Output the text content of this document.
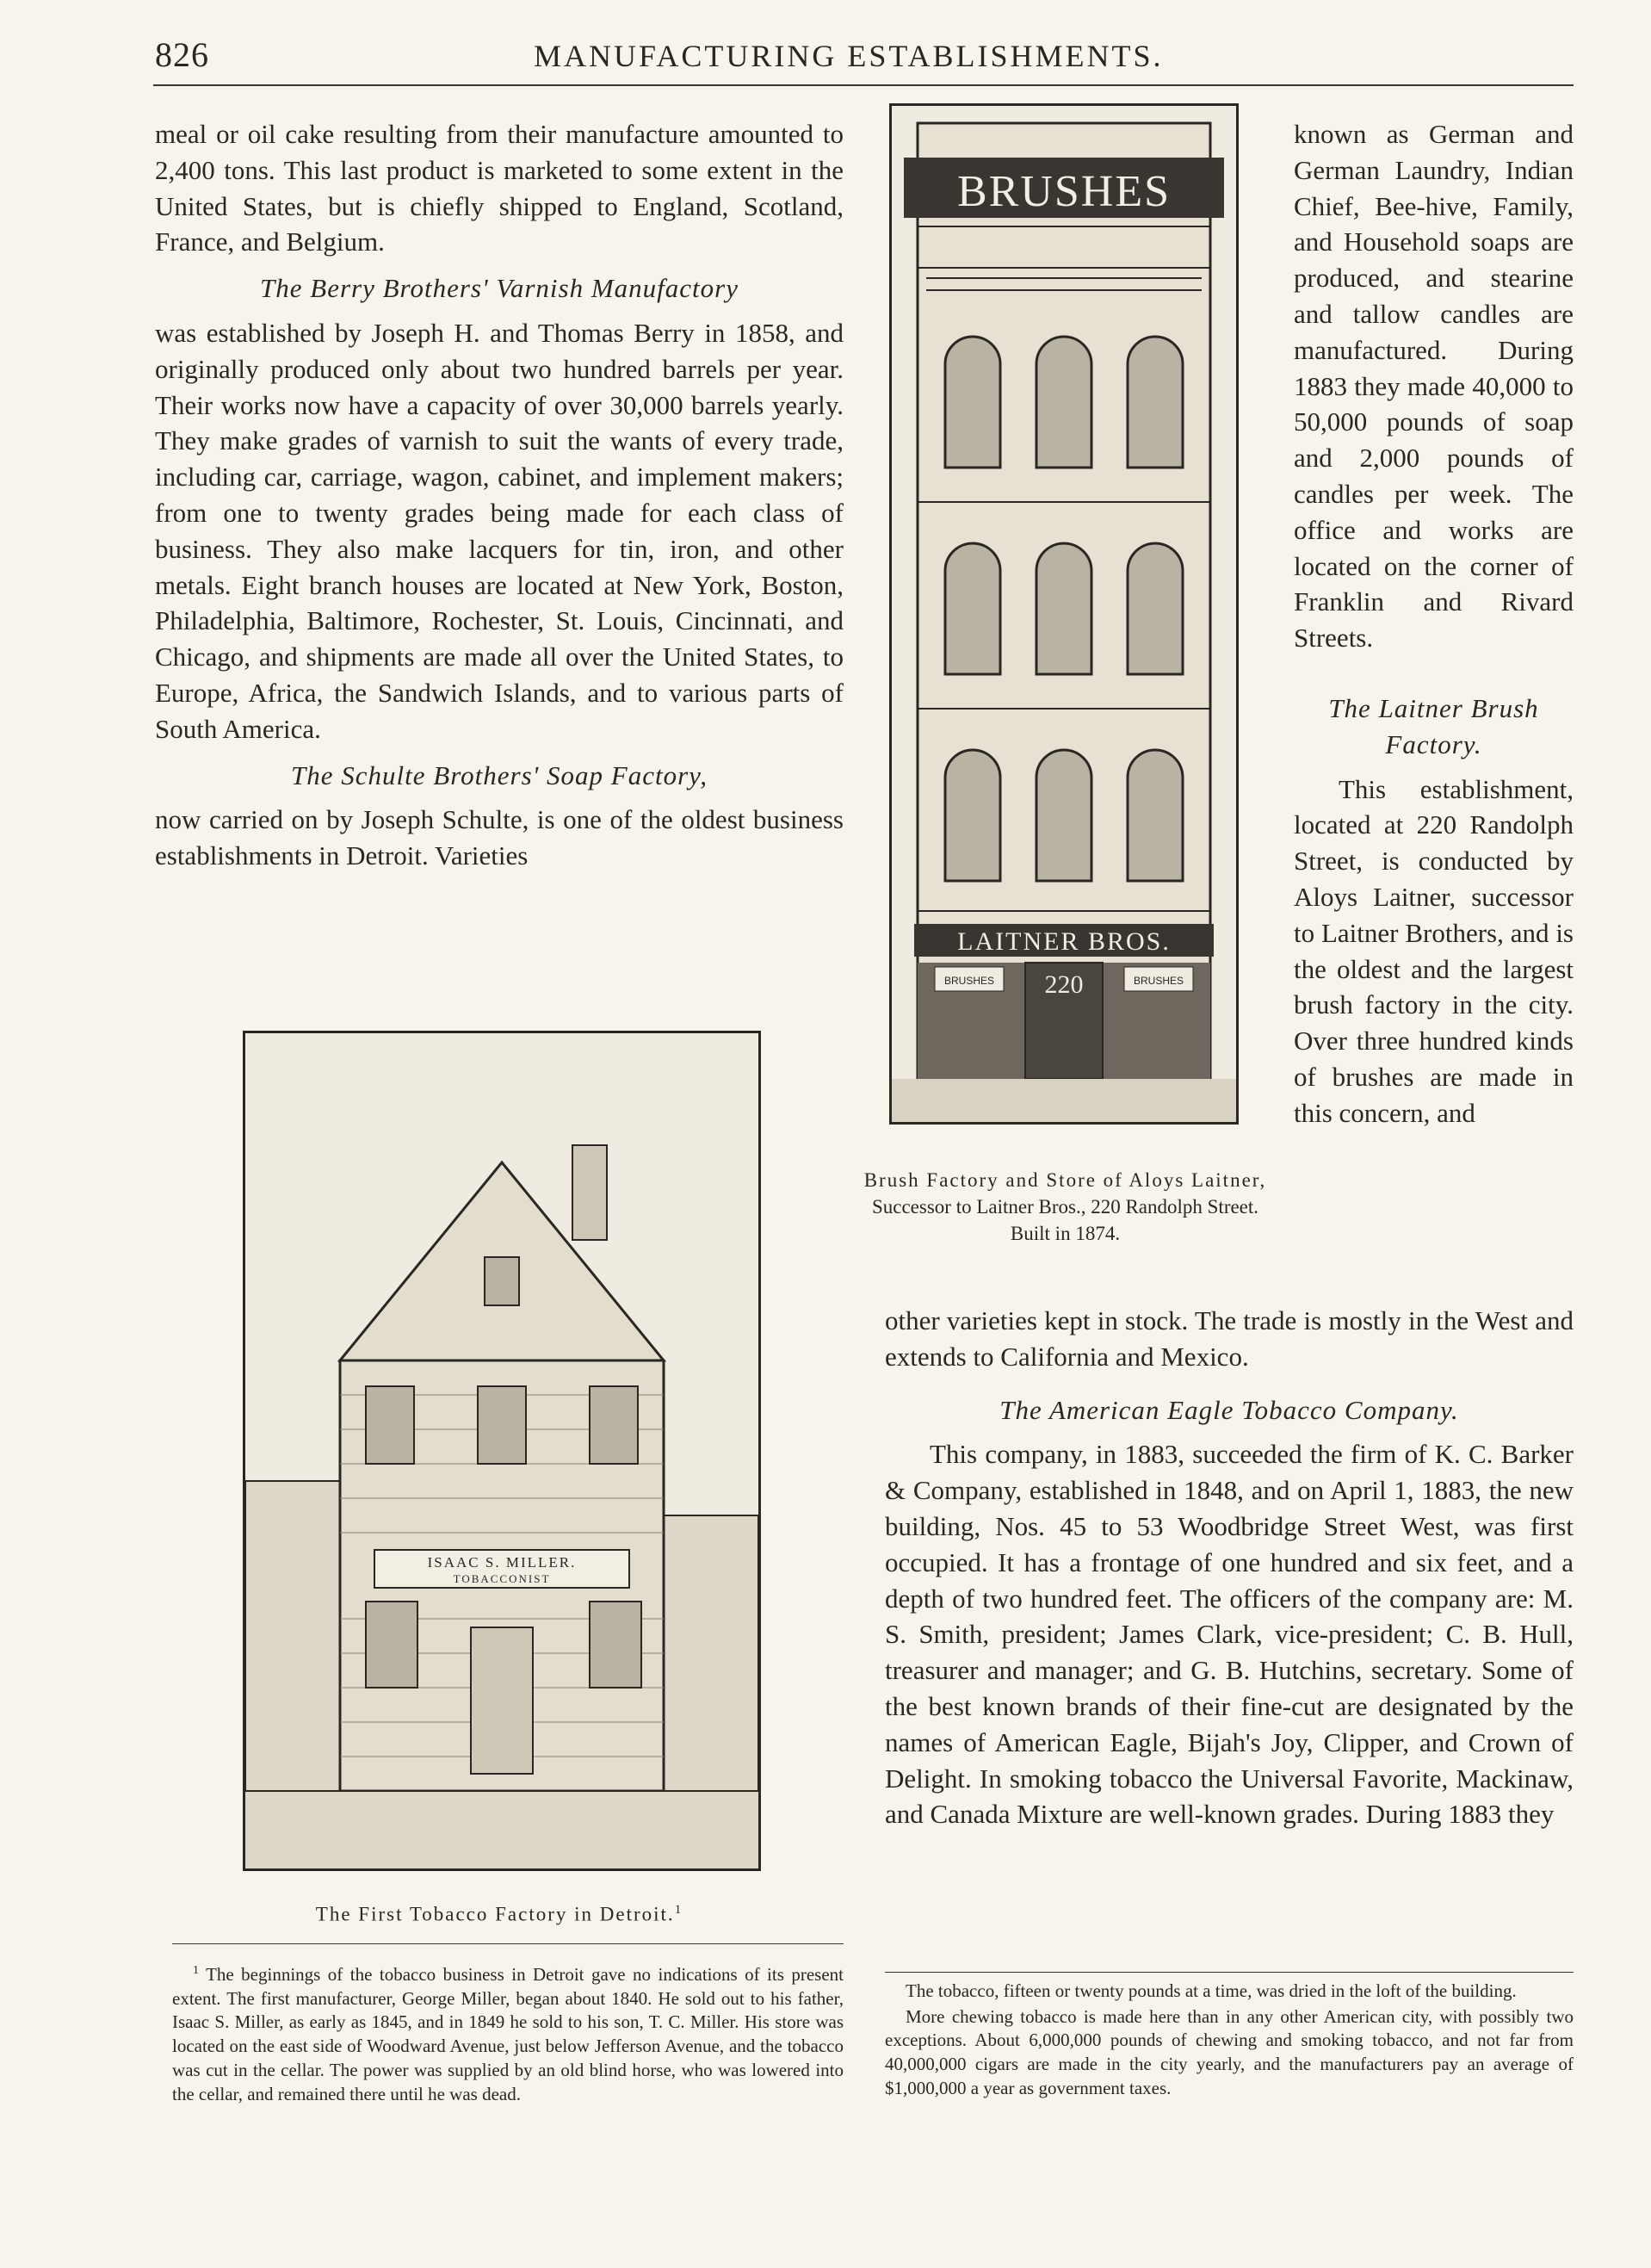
826	MANUFACTURING ESTABLISHMENTS.

meal or oil cake resulting from their manufacture amounted to 2,400 tons. This last product is marketed to some extent in the United States, but is chiefly shipped to England, Scotland, France, and Belgium.

The Berry Brothers' Varnish Manufactory

was established by Joseph H. and Thomas Berry in 1858, and originally produced only about two hundred barrels per year. Their works now have a capacity of over 30,000 barrels yearly. They make grades of varnish to suit the wants of every trade, including car, carriage, wagon, cabinet, and implement makers; from one to twenty grades being made for each class of business. They also make lacquers for tin, iron, and other metals. Eight branch houses are located at New York, Boston, Philadelphia, Baltimore, Rochester, St. Louis, Cincinnati, and Chicago, and shipments are made all over the United States, to Europe, Africa, the Sandwich Islands, and to various parts of South America.

The Schulte Brothers' Soap Factory,

now carried on by Joseph Schulte, is one of the oldest business establishments in Detroit. Varieties

BRUSHES
LAITNER BROS.
BRUSHES	BRUSHES
220
Brush Factory and Store of Aloys Laitner,
Successor to Laitner Bros., 220 Randolph Street. Built in 1874.

known as German and German Laundry, Indian Chief, Bee-hive, Family, and Household soaps are produced, and stearine and tallow candles are manufactured. During 1883 they made 40,000 to 50,000 pounds of soap and 2,000 pounds of candles per week. The office and works are located on the corner of Franklin and Rivard Streets.

The Laitner Brush Factory.

This establishment, located at 220 Randolph Street, is conducted by Aloys Laitner, successor to Laitner Brothers, and is the oldest and the largest brush factory in the city. Over three hundred kinds of brushes are made in this concern, and

other varieties kept in stock. The trade is mostly in the West and extends to California and Mexico.

The American Eagle Tobacco Company.

This company, in 1883, succeeded the firm of K. C. Barker & Company, established in 1848, and on April 1, 1883, the new building, Nos. 45 to 53 Woodbridge Street West, was first occupied. It has a frontage of one hundred and six feet, and a depth of two hundred feet. The officers of the company are: M. S. Smith, president; James Clark, vice-president; C. B. Hull, treasurer and manager; and G. B. Hutchins, secretary. Some of the best known brands of their fine-cut are designated by the names of American Eagle, Bijah's Joy, Clipper, and Crown of Delight. In smoking tobacco the Universal Favorite, Mackinaw, and Canada Mixture are well-known grades. During 1883 they

ISAAC S. MILLER.
TOBACCONIST
The First Tobacco Factory in Detroit.$^1$

$^1$ The beginnings of the tobacco business in Detroit gave no indications of its present extent. The first manufacturer, George Miller, began about 1840. He sold out to his father, Isaac S. Miller, as early as 1845, and in 1849 he sold to his son, T. C. Miller. His store was located on the east side of Woodward Avenue, just below Jefferson Avenue, and the tobacco was cut in the cellar. The power was supplied by an old blind horse, who was lowered into the cellar, and remained there until he was dead.

The tobacco, fifteen or twenty pounds at a time, was dried in the loft of the building.

More chewing tobacco is made here than in any other American city, with possibly two exceptions. About 6,000,000 pounds of chewing and smoking tobacco, and not far from 40,000,000 cigars are made in the city yearly, and the manufacturers pay an average of $1,000,000 a year as government taxes.
